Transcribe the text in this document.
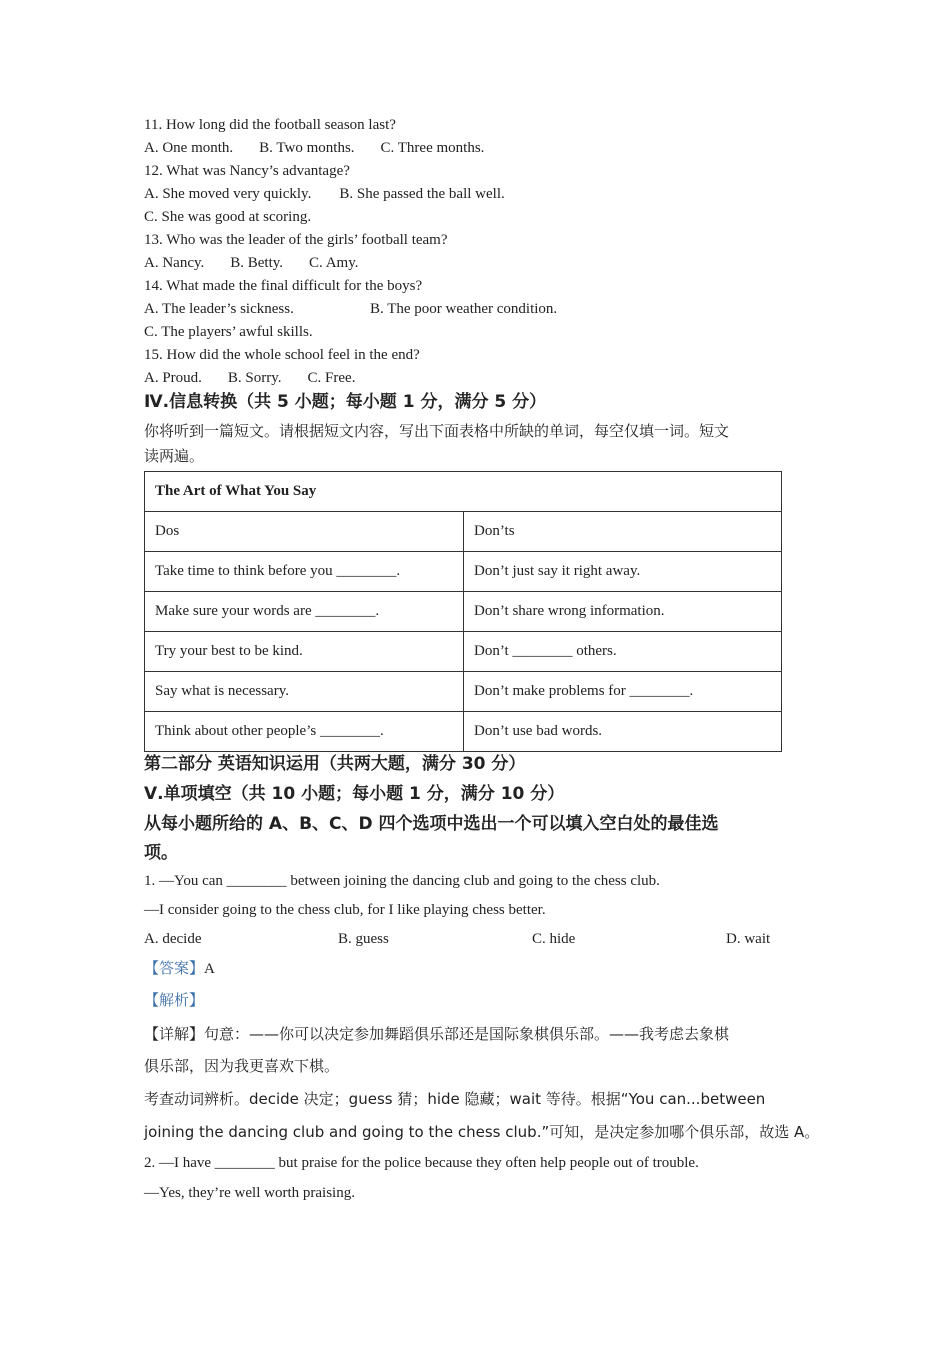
11. How long did the football season last?
A. One month. B. Two months. C. Three months.
12. What was Nancy’s advantage?
A. She moved very quickly. B. She passed the ball well.
C. She was good at scoring.
13. Who was the leader of the girls’ football team?
A. Nancy. B. Betty. C. Amy.
14. What made the final difficult for the boys?
A. The leader’s sickness.	B. The poor weather condition.
C. The players’ awful skills.
15. How did the whole school feel in the end?
A. Proud. B. Sorry. C. Free.
Ⅳ.信息转换（共 5 小题；每小题 1 分，满分 5 分）
你将听到一篇短文。请根据短文内容，写出下面表格中所缺的单词，每空仅填一词。短文
读两遍。
The Art of What You Say	
Dos	Don’ts
Take time to think before you ________.	Don’t just say it right away.
Make sure your words are ________.	Don’t share wrong information.
Try your best to be kind.	Don’t ________ others.
Say what is necessary.	Don’t make problems for ________.
Think about other people’s ________.	Don’t use bad words.
第二部分 英语知识运用（共两大题，满分 30 分）
Ⅴ.单项填空（共 10 小题；每小题 1 分，满分 10 分）
从每小题所给的 A、B、C、D 四个选项中选出一个可以填入空白处的最佳选
项。
1. —You can ________ between joining the dancing club and going to the chess club.
—I consider going to the chess club, for I like playing chess better.
A. decide	B. guess	C. hide	D. wait
【答案】A
【解析】
【详解】句意：——你可以决定参加舞蹈俱乐部还是国际象棋俱乐部。——我考虑去象棋
俱乐部，因为我更喜欢下棋。
考查动词辨析。decide 决定；guess 猜；hide 隐藏；wait 等待。根据“You can...between
joining the dancing club and going to the chess club.”可知，是决定参加哪个俱乐部，故选 A。
2. —I have ________ but praise for the police because they often help people out of trouble.
—Yes, they’re well worth praising.
